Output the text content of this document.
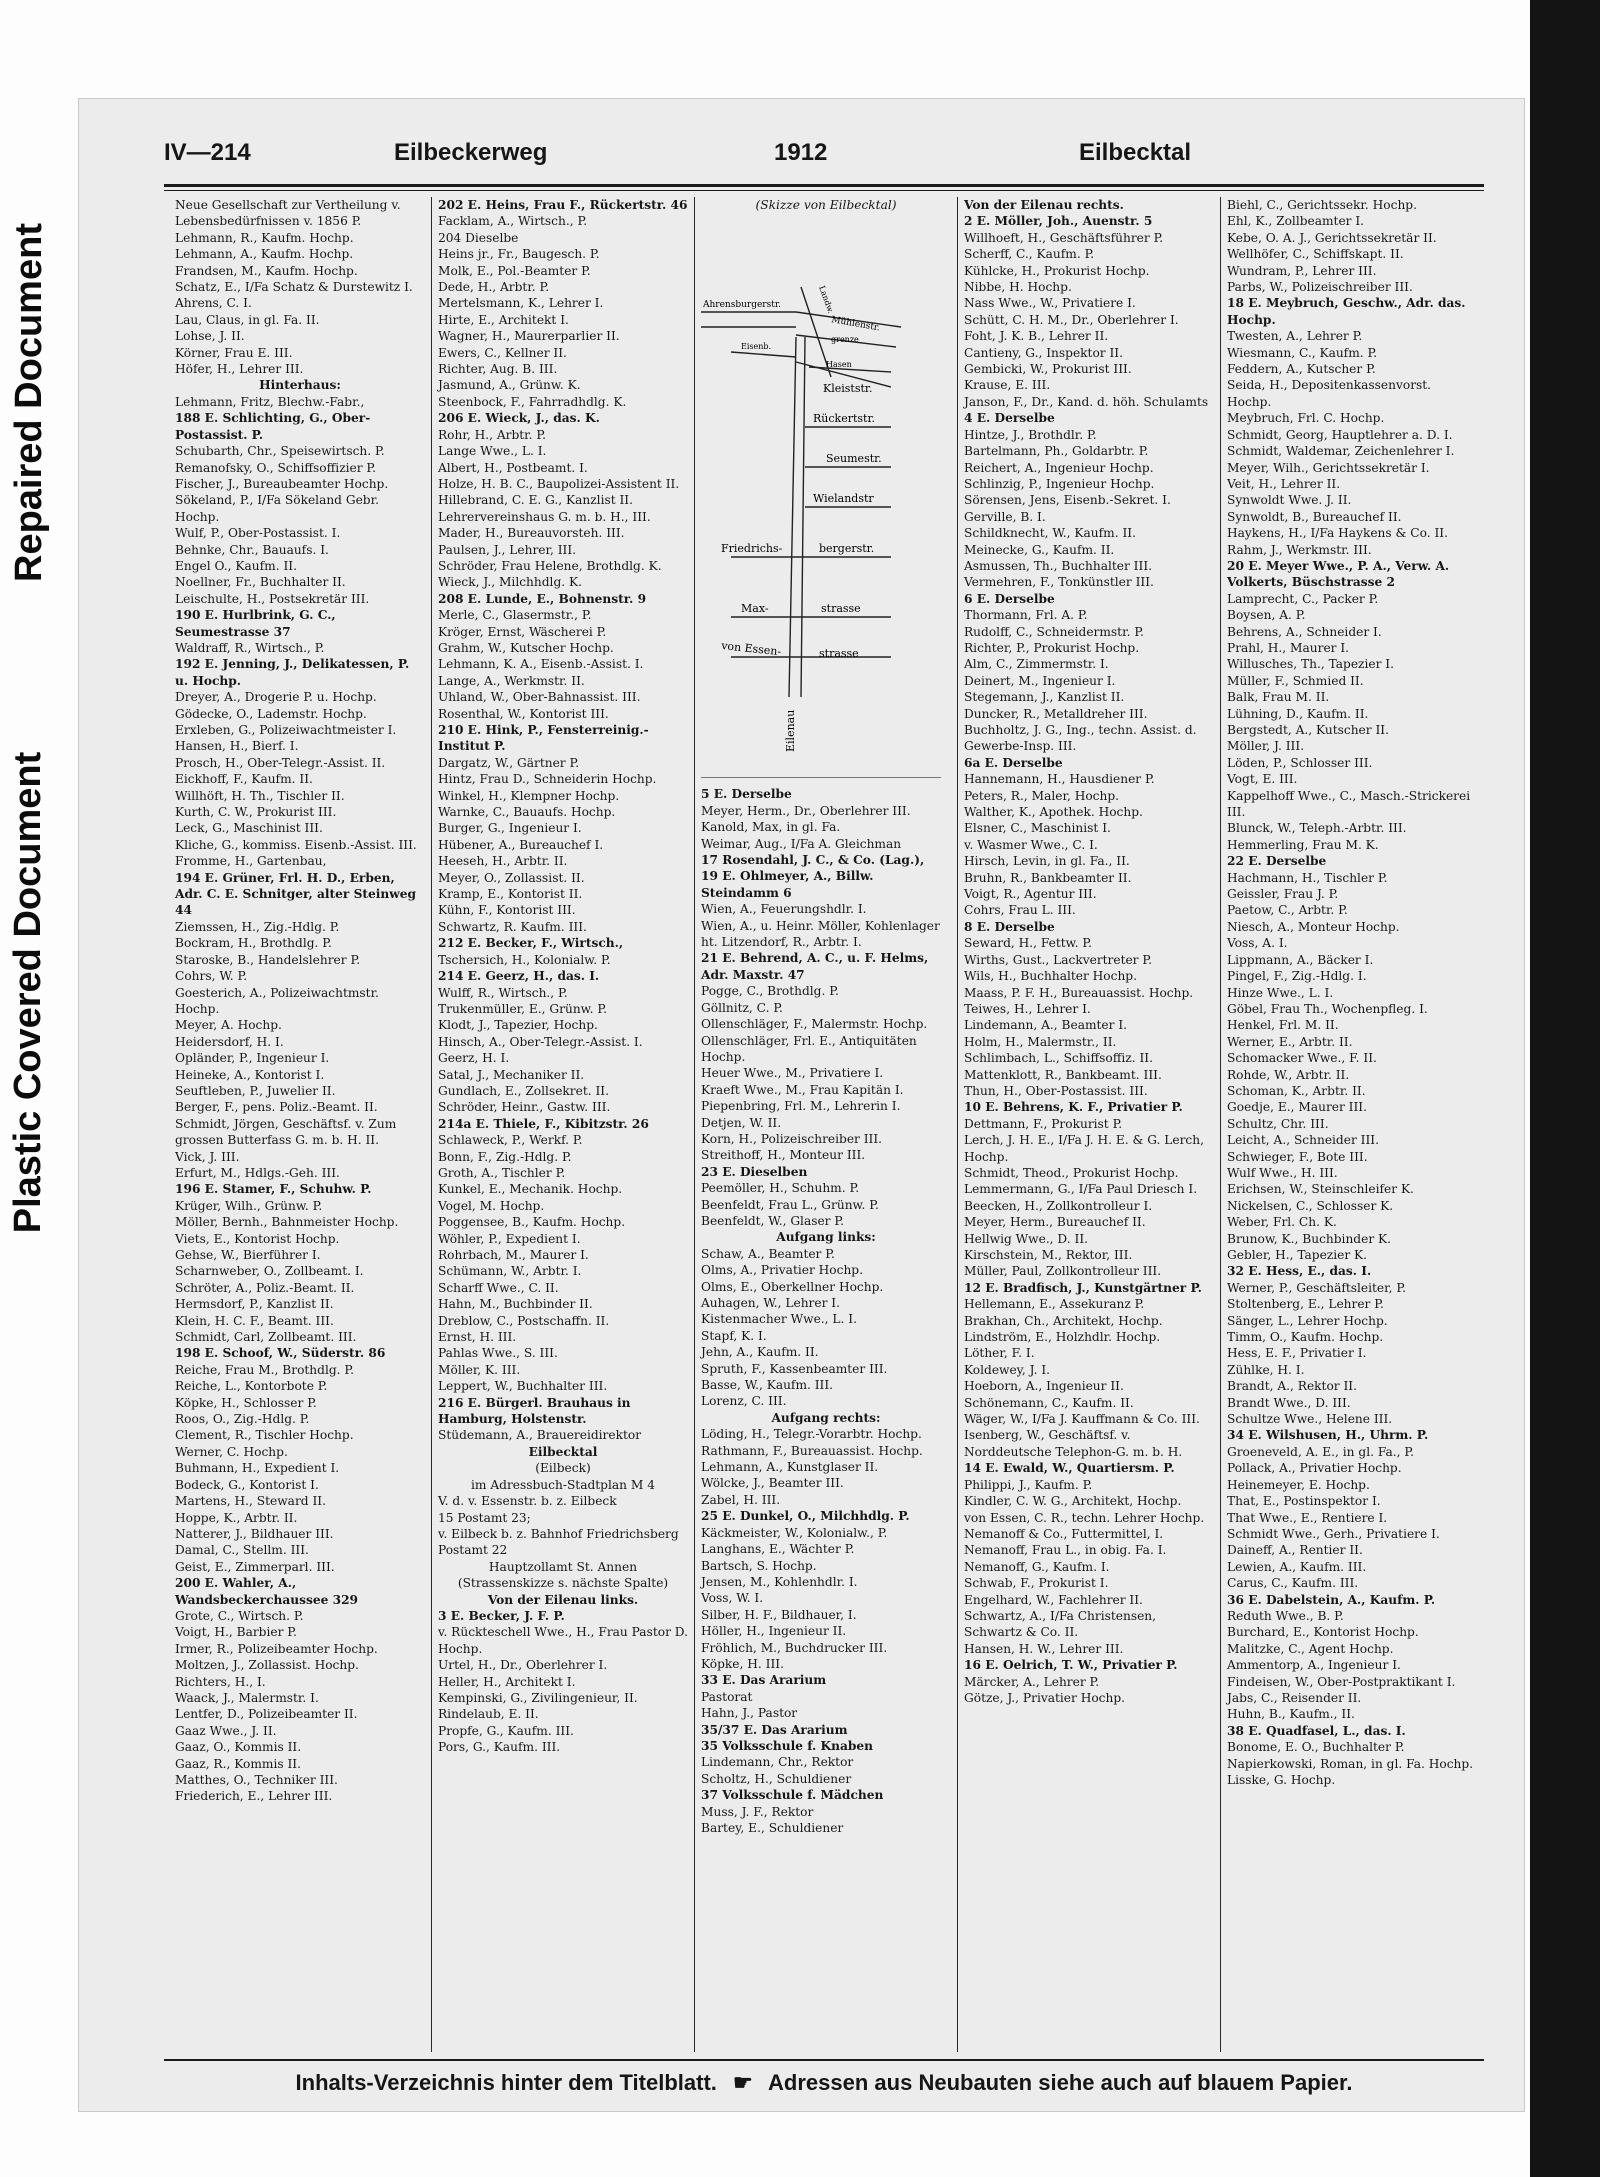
Repaired Document
Plastic Covered Document
IV—214	Eilbeckerweg	1912	Eilbecktal
Neue Gesellschaft zur Vertheilung v. Lebensbedürfnissen v. 1856 P.
Lehmann, R., Kaufm. Hochp.
Lehmann, A., Kaufm. Hochp.
Frandsen, M., Kaufm. Hochp.
Schatz, E., I/Fa Schatz & Durstewitz I.
Ahrens, C. I.
Lau, Claus, in gl. Fa. II.
Lohse, J. II.
Körner, Frau E. III.
Höfer, H., Lehrer III.
Hinterhaus:
Lehmann, Fritz, Blechw.-Fabr.,
188 E. Schlichting, G., Ober-Postassist. P.
Schubarth, Chr., Speisewirtsch. P.
Remanofsky, O., Schiffsoffizier P.
Fischer, J., Bureaubeamter Hochp.
Sökeland, P., I/Fa Sökeland Gebr. Hochp.
Wulf, P., Ober-Postassist. I.
Behnke, Chr., Bauaufs. I.
Engel O., Kaufm. II.
Noellner, Fr., Buchhalter II.
Leischulte, H., Postsekretär III.
190 E. Hurlbrink, G. C., Seumestrasse 37
Waldraff, R., Wirtsch., P.
192 E. Jenning, J., Delikatessen, P. u. Hochp.
Dreyer, A., Drogerie P. u. Hochp.
Gödecke, O., Lademstr. Hochp.
Erxleben, G., Polizeiwachtmeister I.
Hansen, H., Bierf. I.
Prosch, H., Ober-Telegr.-Assist. II.
Eickhoff, F., Kaufm. II.
Willhöft, H. Th., Tischler II.
Kurth, C. W., Prokurist III.
Leck, G., Maschinist III.
Kliche, G., kommiss. Eisenb.-Assist. III.
Fromme, H., Gartenbau,
194 E. Grüner, Frl. H. D., Erben, Adr. C. E. Schnitger, alter Steinweg 44
Ziemssen, H., Zig.-Hdlg. P.
Bockram, H., Brothdlg. P.
Staroske, B., Handelslehrer P.
Cohrs, W. P.
Goesterich, A., Polizeiwachtmstr. Hochp.
Meyer, A. Hochp.
Heidersdorf, H. I.
Opländer, P., Ingenieur I.
Heineke, A., Kontorist I.
Seuftleben, P., Juwelier II.
Berger, F., pens. Poliz.-Beamt. II.
Schmidt, Jörgen, Geschäftsf. v. Zum grossen Butterfass G. m. b. H. II.
Vick, J. III.
Erfurt, M., Hdlgs.-Geh. III.
196 E. Stamer, F., Schuhw. P.
Krüger, Wilh., Grünw. P.
Möller, Bernh., Bahnmeister Hochp.
Viets, E., Kontorist Hochp.
Gehse, W., Bierführer I.
Scharnweber, O., Zollbeamt. I.
Schröter, A., Poliz.-Beamt. II.
Hermsdorf, P., Kanzlist II.
Klein, H. C. F., Beamt. III.
Schmidt, Carl, Zollbeamt. III.
198 E. Schoof, W., Süderstr. 86
Reiche, Frau M., Brothdlg. P.
Reiche, L., Kontorbote P.
Köpke, H., Schlosser P.
Roos, O., Zig.-Hdlg. P.
Clement, R., Tischler Hochp.
Werner, C. Hochp.
Buhmann, H., Expedient I.
Bodeck, G., Kontorist I.
Martens, H., Steward II.
Hoppe, K., Arbtr. II.
Natterer, J., Bildhauer III.
Damal, C., Stellm. III.
Geist, E., Zimmerparl. III.
200 E. Wahler, A., Wandsbeckerchaussee 329
Grote, C., Wirtsch. P.
Voigt, H., Barbier P.
Irmer, R., Polizeibeamter Hochp.
Moltzen, J., Zollassist. Hochp.
Richters, H., I.
Waack, J., Malermstr. I.
Lentfer, D., Polizeibeamter II.
Gaaz Wwe., J. II.
Gaaz, O., Kommis II.
Gaaz, R., Kommis II.
Matthes, O., Techniker III.
Friederich, E., Lehrer III.
202 E. Heins, Frau F., Rückertstr. 46
Facklam, A., Wirtsch., P.
204 Dieselbe
Heins jr., Fr., Baugesch. P.
Molk, E., Pol.-Beamter P.
Dede, H., Arbtr. P.
Mertelsmann, K., Lehrer I.
Hirte, E., Architekt I.
Wagner, H., Maurerparlier II.
Ewers, C., Kellner II.
Richter, Aug. B. III.
Jasmund, A., Grünw. K.
Steenbock, F., Fahrradhdlg. K.
206 E. Wieck, J., das. K.
Rohr, H., Arbtr. P.
Lange Wwe., L. I.
Albert, H., Postbeamt. I.
Holze, H. B. C., Baupolizei-Assistent II.
Hillebrand, C. E. G., Kanzlist II.
Lehrervereinshaus G. m. b. H., III.
Mader, H., Bureauvorsteh. III.
Paulsen, J., Lehrer, III.
Schröder, Frau Helene, Brothdlg. K.
Wieck, J., Milchhdlg. K.
208 E. Lunde, E., Bohnenstr. 9
Merle, C., Glasermstr., P.
Kröger, Ernst, Wäscherei P.
Grahm, W., Kutscher Hochp.
Lehmann, K. A., Eisenb.-Assist. I.
Lange, A., Werkmstr. II.
Uhland, W., Ober-Bahnassist. III.
Rosenthal, W., Kontorist III.
210 E. Hink, P., Fensterreinig.-Institut P.
Dargatz, W., Gärtner P.
Hintz, Frau D., Schneiderin Hochp.
Winkel, H., Klempner Hochp.
Warnke, C., Bauaufs. Hochp.
Burger, G., Ingenieur I.
Hübener, A., Bureauchef I.
Heeseh, H., Arbtr. II.
Meyer, O., Zollassist. II.
Kramp, E., Kontorist II.
Kühn, F., Kontorist III.
Schwartz, R. Kaufm. III.
212 E. Becker, F., Wirtsch.,
Tschersich, H., Kolonialw. P.
214 E. Geerz, H., das. I.
Wulff, R., Wirtsch., P.
Trukenmüller, E., Grünw. P.
Klodt, J., Tapezier, Hochp.
Hinsch, A., Ober-Telegr.-Assist. I.
Geerz, H. I.
Satal, J., Mechaniker II.
Gundlach, E., Zollsekret. II.
Schröder, Heinr., Gastw. III.
214a E. Thiele, F., Kibitzstr. 26
Schlaweck, P., Werkf. P.
Bonn, F., Zig.-Hdlg. P.
Groth, A., Tischler P.
Kunkel, E., Mechanik. Hochp.
Vogel, M. Hochp.
Poggensee, B., Kaufm. Hochp.
Wöhler, P., Expedient I.
Rohrbach, M., Maurer I.
Schümann, W., Arbtr. I.
Scharff Wwe., C. II.
Hahn, M., Buchbinder II.
Dreblow, C., Postschaffn. II.
Ernst, H. III.
Pahlas Wwe., S. III.
Möller, K. III.
Leppert, W., Buchhalter III.
216 E. Bürgerl. Brauhaus in Hamburg, Holstenstr.
Stüdemann, A., Brauereidirektor
Eilbecktal
(Eilbeck)
im Adressbuch-Stadtplan M 4
V. d. v. Essenstr. b. z. Eilbeck
15 Postamt 23;
v. Eilbeck b. z. Bahnhof Friedrichsberg Postamt 22
Hauptzollamt St. Annen
(Strassenskizze s. nächste Spalte)
Von der Eilenau links.
3 E. Becker, J. F. P.
v. Rückteschell Wwe., H., Frau Pastor D. Hochp.
Urtel, H., Dr., Oberlehrer I.
Heller, H., Architekt I.
Kempinski, G., Zivilingenieur, II.
Rindelaub, E. II.
Propfe, G., Kaufm. III.
Pors, G., Kaufm. III.
(Skizze von Eilbecktal)
Ahrensburgerstr.
Mühlenstr.
grenze
Landw.
Eisenb.
Hasen
Kleiststr.
Rückertstr.
Seumestr.
Wielandstr
Friedrichs-	bergerstr.
Max-	strasse
von Essen-	strasse
Eilenau
5 E. Derselbe
Meyer, Herm., Dr., Oberlehrer III.
Kanold, Max, in gl. Fa.
Weimar, Aug., I/Fa A. Gleichman
17 Rosendahl, J. C., & Co. (Lag.),
19 E. Ohlmeyer, A., Billw. Steindamm 6
Wien, A., Feuerungshdlr. I.
Wien, A., u. Heinr. Möller, Kohlenlager
ht. Litzendorf, R., Arbtr. I.
21 E. Behrend, A. C., u. F. Helms, Adr. Maxstr. 47
Pogge, C., Brothdlg. P.
Göllnitz, C. P.
Ollenschläger, F., Malermstr. Hochp.
Ollenschläger, Frl. E., Antiquitäten Hochp.
Heuer Wwe., M., Privatiere I.
Kraeft Wwe., M., Frau Kapitän I.
Piepenbring, Frl. M., Lehrerin I.
Detjen, W. II.
Korn, H., Polizeischreiber III.
Streithoff, H., Monteur III.
23 E. Dieselben
Peemöller, H., Schuhm. P.
Beenfeldt, Frau L., Grünw. P.
Beenfeldt, W., Glaser P.
Aufgang links:
Schaw, A., Beamter P.
Olms, A., Privatier Hochp.
Olms, E., Oberkellner Hochp.
Auhagen, W., Lehrer I.
Kistenmacher Wwe., L. I.
Stapf, K. I.
Jehn, A., Kaufm. II.
Spruth, F., Kassenbeamter III.
Basse, W., Kaufm. III.
Lorenz, C. III.
Aufgang rechts:
Löding, H., Telegr.-Vorarbtr. Hochp.
Rathmann, F., Bureauassist. Hochp.
Lehmann, A., Kunstglaser II.
Wölcke, J., Beamter III.
Zabel, H. III.
25 E. Dunkel, O., Milchhdlg. P.
Käckmeister, W., Kolonialw., P.
Langhans, E., Wächter P.
Bartsch, S. Hochp.
Jensen, M., Kohlenhdlr. I.
Voss, W. I.
Silber, H. F., Bildhauer, I.
Höller, H., Ingenieur II.
Fröhlich, M., Buchdrucker III.
Köpke, H. III.
33 E. Das Ararium
Pastorat
Hahn, J., Pastor
35/37 E. Das Ararium
35 Volksschule f. Knaben
Lindemann, Chr., Rektor
Scholtz, H., Schuldiener
37 Volksschule f. Mädchen
Muss, J. F., Rektor
Bartey, E., Schuldiener
Von der Eilenau rechts.
2 E. Möller, Joh., Auenstr. 5
Willhoeft, H., Geschäftsführer P.
Scherff, C., Kaufm. P.
Kühlcke, H., Prokurist Hochp.
Nibbe, H. Hochp.
Nass Wwe., W., Privatiere I.
Schütt, C. H. M., Dr., Oberlehrer I.
Foht, J. K. B., Lehrer II.
Cantieny, G., Inspektor II.
Gembicki, W., Prokurist III.
Krause, E. III.
Janson, F., Dr., Kand. d. höh. Schulamts
4 E. Derselbe
Hintze, J., Brothdlr. P.
Bartelmann, Ph., Goldarbtr. P.
Reichert, A., Ingenieur Hochp.
Schlinzig, P., Ingenieur Hochp.
Sörensen, Jens, Eisenb.-Sekret. I.
Gerville, B. I.
Schildknecht, W., Kaufm. II.
Meinecke, G., Kaufm. II.
Asmussen, Th., Buchhalter III.
Vermehren, F., Tonkünstler III.
6 E. Derselbe
Thormann, Frl. A. P.
Rudolff, C., Schneidermstr. P.
Richter, P., Prokurist Hochp.
Alm, C., Zimmermstr. I.
Deinert, M., Ingenieur I.
Stegemann, J., Kanzlist II.
Duncker, R., Metalldreher III.
Buchholtz, J. G., Ing., techn. Assist. d. Gewerbe-Insp. III.
6a E. Derselbe
Hannemann, H., Hausdiener P.
Peters, R., Maler, Hochp.
Walther, K., Apothek. Hochp.
Elsner, C., Maschinist I.
v. Wasmer Wwe., C. I.
Hirsch, Levin, in gl. Fa., II.
Bruhn, R., Bankbeamter II.
Voigt, R., Agentur III.
Cohrs, Frau L. III.
8 E. Derselbe
Seward, H., Fettw. P.
Wirths, Gust., Lackvertreter P.
Wils, H., Buchhalter Hochp.
Maass, P. F. H., Bureauassist. Hochp.
Teiwes, H., Lehrer I.
Lindemann, A., Beamter I.
Holm, H., Malermstr., II.
Schlimbach, L., Schiffsoffiz. II.
Mattenklott, R., Bankbeamt. III.
Thun, H., Ober-Postassist. III.
10 E. Behrens, K. F., Privatier P.
Dettmann, F., Prokurist P.
Lerch, J. H. E., I/Fa J. H. E. & G. Lerch, Hochp.
Schmidt, Theod., Prokurist Hochp.
Lemmermann, G., I/Fa Paul Driesch I.
Beecken, H., Zollkontrolleur I.
Meyer, Herm., Bureauchef II.
Hellwig Wwe., D. II.
Kirschstein, M., Rektor, III.
Müller, Paul, Zollkontrolleur III.
12 E. Bradfisch, J., Kunstgärtner P.
Hellemann, E., Assekuranz P.
Brakhan, Ch., Architekt, Hochp.
Lindström, E., Holzhdlr. Hochp.
Löther, F. I.
Koldewey, J. I.
Hoeborn, A., Ingenieur II.
Schönemann, C., Kaufm. II.
Wäger, W., I/Fa J. Kauffmann & Co. III.
Isenberg, W., Geschäftsf. v. Norddeutsche Telephon-G. m. b. H.
14 E. Ewald, W., Quartiersm. P.
Philippi, J., Kaufm. P.
Kindler, C. W. G., Architekt, Hochp.
von Essen, C. R., techn. Lehrer Hochp.
Nemanoff & Co., Futtermittel, I.
Nemanoff, Frau L., in obig. Fa. I.
Nemanoff, G., Kaufm. I.
Schwab, F., Prokurist I.
Engelhard, W., Fachlehrer II.
Schwartz, A., I/Fa Christensen, Schwartz & Co. II.
Hansen, H. W., Lehrer III.
16 E. Oelrich, T. W., Privatier P.
Märcker, A., Lehrer P.
Götze, J., Privatier Hochp.
Biehl, C., Gerichtssekr. Hochp.
Ehl, K., Zollbeamter I.
Kebe, O. A. J., Gerichtssekretär II.
Wellhöfer, C., Schiffskapt. II.
Wundram, P., Lehrer III.
Parbs, W., Polizeischreiber III.
18 E. Meybruch, Geschw., Adr. das. Hochp.
Twesten, A., Lehrer P.
Wiesmann, C., Kaufm. P.
Feddern, A., Kutscher P.
Seida, H., Depositenkassenvorst. Hochp.
Meybruch, Frl. C. Hochp.
Schmidt, Georg, Hauptlehrer a. D. I.
Schmidt, Waldemar, Zeichenlehrer I.
Meyer, Wilh., Gerichtssekretär I.
Veit, H., Lehrer II.
Synwoldt Wwe. J. II.
Synwoldt, B., Bureauchef II.
Haykens, H., I/Fa Haykens & Co. II.
Rahm, J., Werkmstr. III.
20 E. Meyer Wwe., P. A., Verw. A. Volkerts, Büschstrasse 2
Lamprecht, C., Packer P.
Boysen, A. P.
Behrens, A., Schneider I.
Prahl, H., Maurer I.
Willusches, Th., Tapezier I.
Müller, F., Schmied II.
Balk, Frau M. II.
Lühning, D., Kaufm. II.
Bergstedt, A., Kutscher II.
Möller, J. III.
Löden, P., Schlosser III.
Vogt, E. III.
Kappelhoff Wwe., C., Masch.-Strickerei III.
Blunck, W., Teleph.-Arbtr. III.
Hemmerling, Frau M. K.
22 E. Derselbe
Hachmann, H., Tischler P.
Geissler, Frau J. P.
Paetow, C., Arbtr. P.
Niesch, A., Monteur Hochp.
Voss, A. I.
Lippmann, A., Bäcker I.
Pingel, F., Zig.-Hdlg. I.
Hinze Wwe., L. I.
Göbel, Frau Th., Wochenpfleg. I.
Henkel, Frl. M. II.
Werner, E., Arbtr. II.
Schomacker Wwe., F. II.
Rohde, W., Arbtr. II.
Schoman, K., Arbtr. II.
Goedje, E., Maurer III.
Schultz, Chr. III.
Leicht, A., Schneider III.
Schwieger, F., Bote III.
Wulf Wwe., H. III.
Erichsen, W., Steinschleifer K.
Nickelsen, C., Schlosser K.
Weber, Frl. Ch. K.
Brunow, K., Buchbinder K.
Gebler, H., Tapezier K.
32 E. Hess, E., das. I.
Werner, P., Geschäftsleiter, P.
Stoltenberg, E., Lehrer P.
Sänger, L., Lehrer Hochp.
Timm, O., Kaufm. Hochp.
Hess, E. F., Privatier I.
Zühlke, H. I.
Brandt, A., Rektor II.
Brandt Wwe., D. III.
Schultze Wwe., Helene III.
34 E. Wilshusen, H., Uhrm. P.
Groeneveld, A. E., in gl. Fa., P.
Pollack, A., Privatier Hochp.
Heinemeyer, E. Hochp.
That, E., Postinspektor I.
That Wwe., E., Rentiere I.
Schmidt Wwe., Gerh., Privatiere I.
Daineff, A., Rentier II.
Lewien, A., Kaufm. III.
Carus, C., Kaufm. III.
36 E. Dabelstein, A., Kaufm. P.
Reduth Wwe., B. P.
Burchard, E., Kontorist Hochp.
Malitzke, C., Agent Hochp.
Ammentorp, A., Ingenieur I.
Findeisen, W., Ober-Postpraktikant I.
Jabs, C., Reisender II.
Huhn, B., Kaufm., II.
38 E. Quadfasel, L., das. I.
Bonome, E. O., Buchhalter P.
Napierkowski, Roman, in gl. Fa. Hochp.
Lisske, G. Hochp.
Inhalts-Verzeichnis hinter dem Titelblatt. ☛ Adressen aus Neubauten siehe auch auf blauem Papier.
